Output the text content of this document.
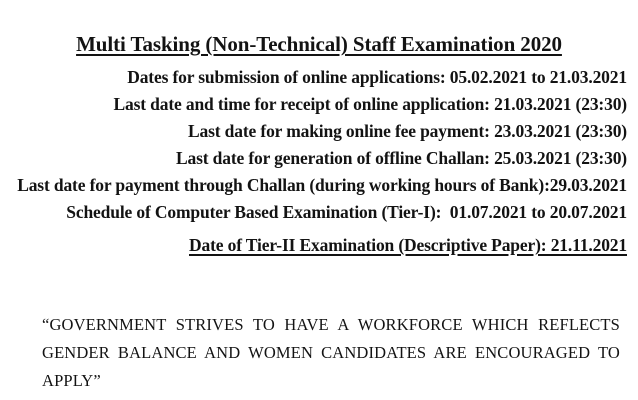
Multi Tasking (Non-Technical) Staff Examination 2020
Dates for submission of online applications: 05.02.2021 to 21.03.2021
Last date and time for receipt of online application: 21.03.2021 (23:30)
Last date for making online fee payment: 23.03.2021 (23:30)
Last date for generation of offline Challan: 25.03.2021 (23:30)
Last date for payment through Challan (during working hours of Bank):29.03.2021
Schedule of Computer Based Examination (Tier-I):  01.07.2021 to 20.07.2021
Date of Tier-II Examination (Descriptive Paper): 21.11.2021

“GOVERNMENT STRIVES TO HAVE A WORKFORCE WHICH REFLECTS GENDER BALANCE AND WOMEN CANDIDATES ARE ENCOURAGED TO APPLY”
